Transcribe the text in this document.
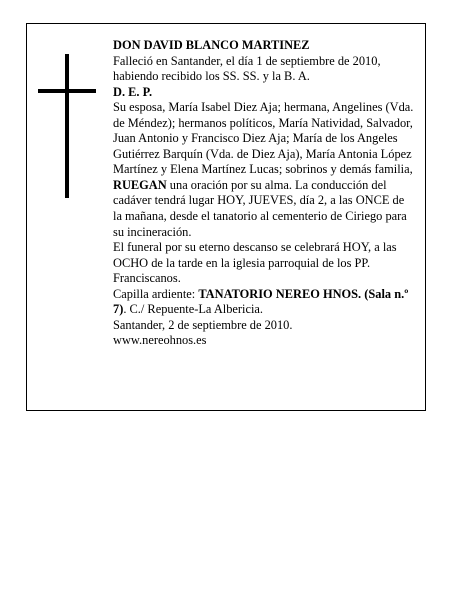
DON DAVID BLANCO MARTINEZ

Falleció en Santander, el día 1 de septiembre de 2010, habiendo recibido los SS. SS. y la B. A.

D. E. P.

Su esposa, María Isabel Diez Aja; hermana, Angelines (Vda. de Méndez); hermanos políticos, María Natividad, Salvador, Juan Antonio y Francisco Diez Aja; María de los Angeles Gutiérrez Barquín (Vda. de Diez Aja), María Antonia López Martínez y Elena Martínez Lucas; sobrinos y demás familia,

RUEGAN una oración por su alma. La conducción del cadáver tendrá lugar HOY, JUEVES, día 2, a las ONCE de la mañana, desde el tanatorio al cementerio de Ciriego para su incineración.

El funeral por su eterno descanso se celebrará HOY, a las OCHO de la tarde en la iglesia parroquial de los PP. Franciscanos.

Capilla ardiente: TANATORIO NEREO HNOS. (Sala n.º 7). C./ Repuente-La Albericia.

Santander, 2 de septiembre de 2010.

www.nereohnos.es
